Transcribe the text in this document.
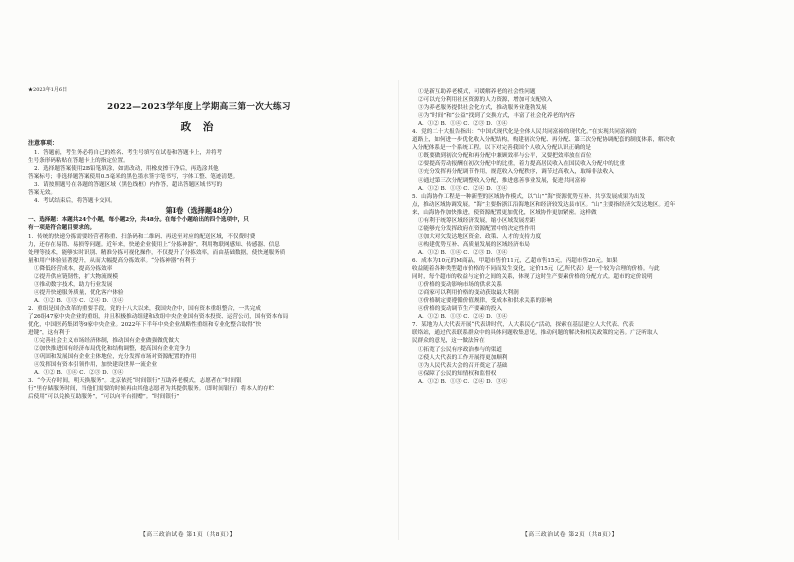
★2023年1月6日
2022—2023学年度上学期高三第一次大练习
政 治
注意事项：

1．答题前，考生务必将自己的姓名、考生号填写在试卷和答题卡上，并将考

生号条形码粘贴在答题卡上的指定位置。

2．选择题答案使用2B铅笔填涂，如需改动，用橡皮擦干净后，再选涂其他

答案标号；非选择题答案使用0.5毫米的黑色墨水签字笔书写，字体工整、笔迹清楚。

3．请按照题号在各题的答题区域（黑色线框）内作答，超出答题区域书写的

答案无效。

4．考试结束后，将答题卡交回。

第Ⅰ卷（选择题48分）

一、选择题：本题共24个小题，每小题2分，共48分。在每个小题给出的四个选项中，只

有一项是符合题目要求的。

1．传统的快递分拣需要经营者称重、扫条码和二维码、再送至对应的配送区域，不仅费时费

力，还存在易错、易损等问题。近年来，快递企业使用上“分拣神器”，利用物联网感知、传感器、信息

处理等技术，能够实时识别、精准分拣可视化操作，不仅提升了分拣效率，而由基础数据，使快递服务质

量和用户体验显著提升，从而大幅提高分拣效率。“分拣神器”有利于

①降低经营成本，提高分拣效率

②提升供应链韧性，扩大物流规模

③推动数字技术，助力行业发展

④提升快递服务质量，优化客户体验

A．①② B．①③ C．②④ D．③④

2．重组是国企改革的重要手段。党的十八大以来，我国央企中，国有资本重组整合，一共完成

了26组47家中央企业的重组，并且积极推动组建和改组中央企业国有资本投资、运营公司，国有资本布局

优化，中国医药集团等9家中央企业。2022年下半年中央企业战略性重组和专业化整合取得“快

进键”，这有利于

①完善社会主义市场经济体制，推动国有企业做强做优做大

②加快推进国有经济布局优化和结构调整，提高国有企业竞争力

③巩固和发展国有企业主体地位，充分发挥市场对资源配置的作用

④发挥国有资本引领作用，加快建设世界一流企业

A．①② B．①④ C．②③ D．③④

3．“今天存时间，明天换服务”。北京依托“时间银行”互助养老模式，志愿者在“时间银

行”里存储服务时间，当他们需要的时候再由其他志愿者为其提供服务。（即时间银行）将本人的存贮

后使用“可以兑换互助服务”，“可以向平台捐赠”。“时间银行”

①是新互助养老模式，可缓解养老的社会性问题

②可以充分利用社区资源的人力资源，增加可支配收入

③为养老服务提供社会化方式，推动服务业蓬勃发展

④为“时间”和“公益”找到了交换方式，丰富了社会化养老的内容

A．①② B．①④ C．②③ D．③④

4．党的二十大报告指出：“中国式现代化是全体人民共同富裕的现代化。”在实现共同富裕的

道路上，如何进一步优化收入分配结构，构建初次分配、再分配、第三次分配协调配套的制度体系，解决收

入分配体系是一个系统工程。以下对完善我国个人收入分配认识正确的是

①既要做到初次分配和再分配中兼顾效率与公平，又要把效率放在首位

②要提高劳动报酬在初次分配中的比重，着力提高居民收入在国民收入分配中的比重

③充分发挥再分配调节作用，规范收入分配秩序，调节过高收入，取缔非法收入

④通过第三次分配调整收入分配，推进慈善事业发展，促进共同富裕

A．①② B．①③ C．②④ D．③④

5．山海协作工程是一种新型的区域协作模式，以“山”“海”资源优势互补、共享发展成果为出发

点，推动区域协调发展。“海”主要指浙江沿海地区和经济较发达县市区。“山”主要指经济欠发达地区。近年

来，山海协作加快推进，使资源配置更加优化，区域协作更加紧密。这样做

①有利于统筹区域经济发展，缩小区域发展差距

②能够充分发挥政府在资源配置中的决定性作用

③加大对欠发达地区资金、政策、人才的支持力度

④构建优势互补、高质量发展的区域经济布局

A．①② B．①④ C．②③ D．③④

6．成本为10元的M商品，甲超市售价11元，乙超市售15元，丙超市售20元。如果

收益随着各种类型超市价格的不同而发生变化，定价15元（乙所代表）是一个较为合理的价格。与此

同时，每个超市的收益与定价之间的关系，体现了这时生产要素价格的分配方式。超市的定价说明

①价格的变动影响市场的供求关系

②商家可以利用价格的变动获取最大利润

③价格制定要遵循价值规律，受成本和供求关系的影响

④价格的变动调节生产要素的投入

A．①② B．①③ C．②④ D．③④

7．某地为人大代表开展“代表讲时代，人大系民心”活动，探索在基层建立人大代表、代表

联络站，通过代表联系群众中的具体问题收集意见，推动问题的解决和相关政策的完善。广泛听取人

民群众的意见，这一做法旨在

①拓宽了公民有序政治参与的渠道

②使人大代表的工作开展得更加顺利

③为人民代表大会的召开奠定了基础

④保障了公民的知情权和监督权

A．①② B．①③ C．②④ D．③④

【高三政治试卷 第1页（共8页）】	【高三政治试卷 第2页（共8页）】
